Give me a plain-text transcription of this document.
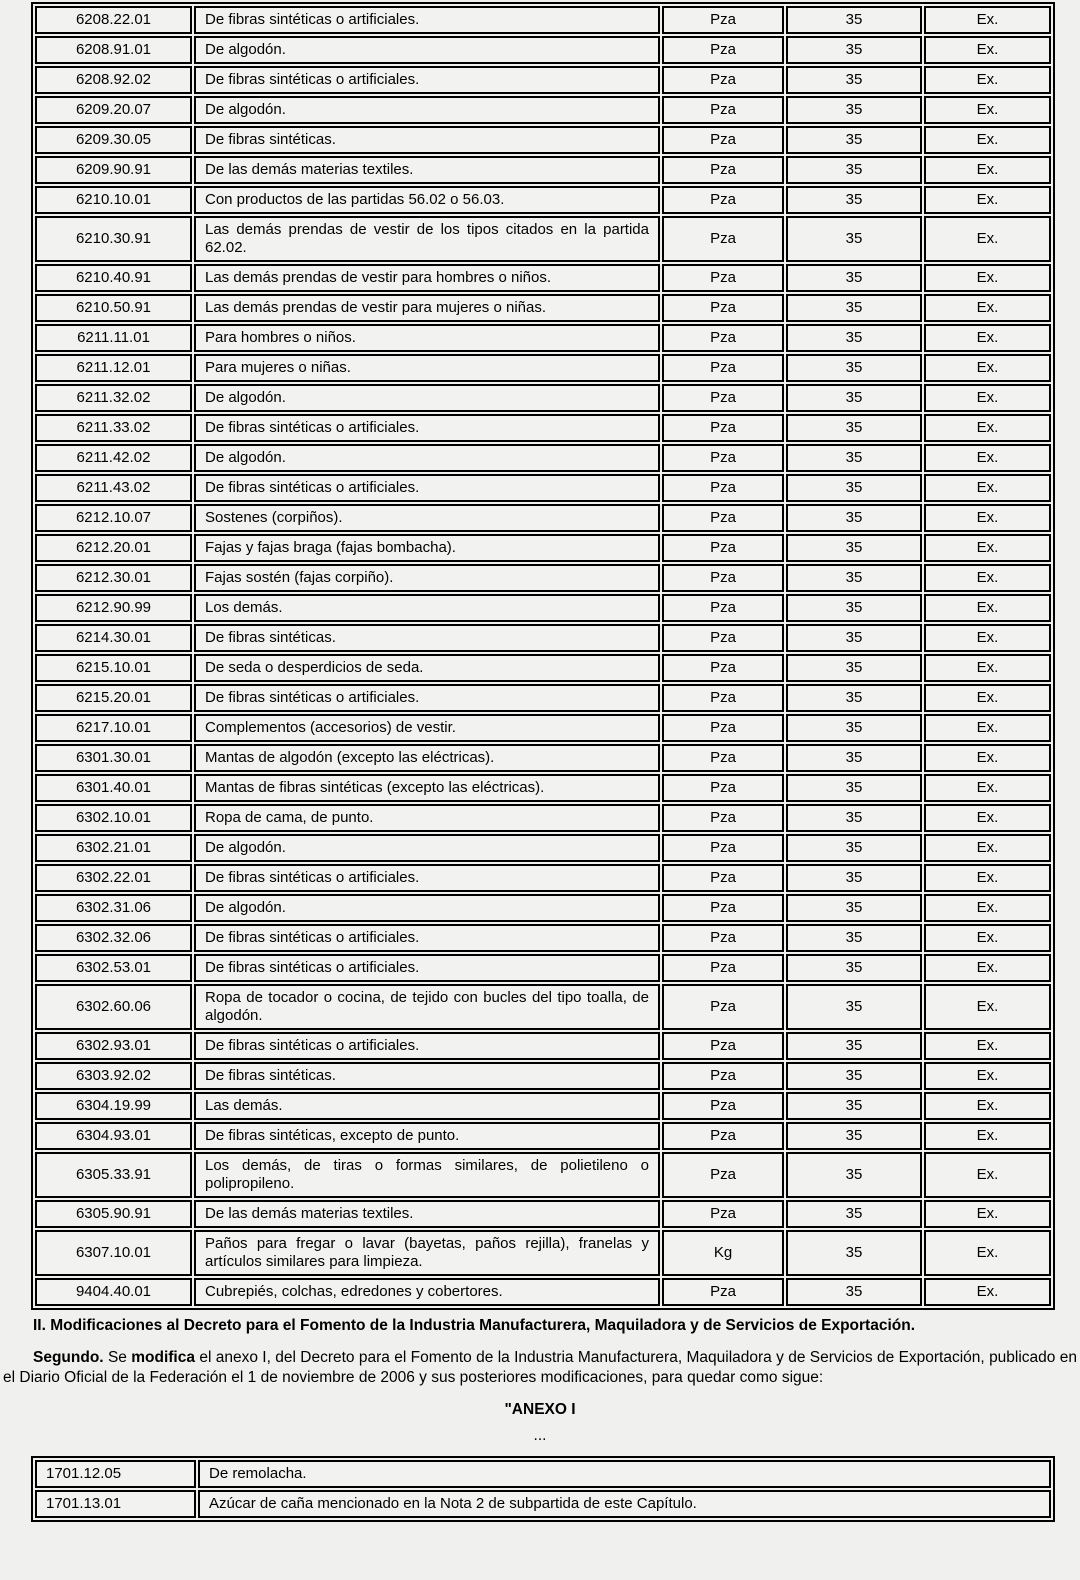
6208.22.01	De fibras sintéticas o artificiales.	Pza	35	Ex.
6208.91.01	De algodón.	Pza	35	Ex.
6208.92.02	De fibras sintéticas o artificiales.	Pza	35	Ex.
6209.20.07	De algodón.	Pza	35	Ex.
6209.30.05	De fibras sintéticas.	Pza	35	Ex.
6209.90.91	De las demás materias textiles.	Pza	35	Ex.
6210.10.01	Con productos de las partidas 56.02 o 56.03.	Pza	35	Ex.
6210.30.91	Las demás prendas de vestir de los tipos citados en la partida 62.02.	Pza	35	Ex.
6210.40.91	Las demás prendas de vestir para hombres o niños.	Pza	35	Ex.
6210.50.91	Las demás prendas de vestir para mujeres o niñas.	Pza	35	Ex.
6211.11.01	Para hombres o niños.	Pza	35	Ex.
6211.12.01	Para mujeres o niñas.	Pza	35	Ex.
6211.32.02	De algodón.	Pza	35	Ex.
6211.33.02	De fibras sintéticas o artificiales.	Pza	35	Ex.
6211.42.02	De algodón.	Pza	35	Ex.
6211.43.02	De fibras sintéticas o artificiales.	Pza	35	Ex.
6212.10.07	Sostenes (corpiños).	Pza	35	Ex.
6212.20.01	Fajas y fajas braga (fajas bombacha).	Pza	35	Ex.
6212.30.01	Fajas sostén (fajas corpiño).	Pza	35	Ex.
6212.90.99	Los demás.	Pza	35	Ex.
6214.30.01	De fibras sintéticas.	Pza	35	Ex.
6215.10.01	De seda o desperdicios de seda.	Pza	35	Ex.
6215.20.01	De fibras sintéticas o artificiales.	Pza	35	Ex.
6217.10.01	Complementos (accesorios) de vestir.	Pza	35	Ex.
6301.30.01	Mantas de algodón (excepto las eléctricas).	Pza	35	Ex.
6301.40.01	Mantas de fibras sintéticas (excepto las eléctricas).	Pza	35	Ex.
6302.10.01	Ropa de cama, de punto.	Pza	35	Ex.
6302.21.01	De algodón.	Pza	35	Ex.
6302.22.01	De fibras sintéticas o artificiales.	Pza	35	Ex.
6302.31.06	De algodón.	Pza	35	Ex.
6302.32.06	De fibras sintéticas o artificiales.	Pza	35	Ex.
6302.53.01	De fibras sintéticas o artificiales.	Pza	35	Ex.
6302.60.06	Ropa de tocador o cocina, de tejido con bucles del tipo toalla, de algodón.	Pza	35	Ex.
6302.93.01	De fibras sintéticas o artificiales.	Pza	35	Ex.
6303.92.02	De fibras sintéticas.	Pza	35	Ex.
6304.19.99	Las demás.	Pza	35	Ex.
6304.93.01	De fibras sintéticas, excepto de punto.	Pza	35	Ex.
6305.33.91	Los demás, de tiras o formas similares, de polietileno o polipropileno.	Pza	35	Ex.
6305.90.91	De las demás materias textiles.	Pza	35	Ex.
6307.10.01	Paños para fregar o lavar (bayetas, paños rejilla), franelas y artículos similares para limpieza.	Kg	35	Ex.
9404.40.01	Cubrepiés, colchas, edredones y cobertores.	Pza	35	Ex.

II. Modificaciones al Decreto para el Fomento de la Industria Manufacturera, Maquiladora y de Servicios de Exportación.

Segundo. Se modifica el anexo I, del Decreto para el Fomento de la Industria Manufacturera, Maquiladora y de Servicios de Exportación, publicado en el Diario Oficial de la Federación el 1 de noviembre de 2006 y sus posteriores modificaciones, para quedar como sigue:

"ANEXO I

...

1701.12.05	De remolacha.
1701.13.01	Azúcar de caña mencionado en la Nota 2 de subpartida de este Capítulo.
